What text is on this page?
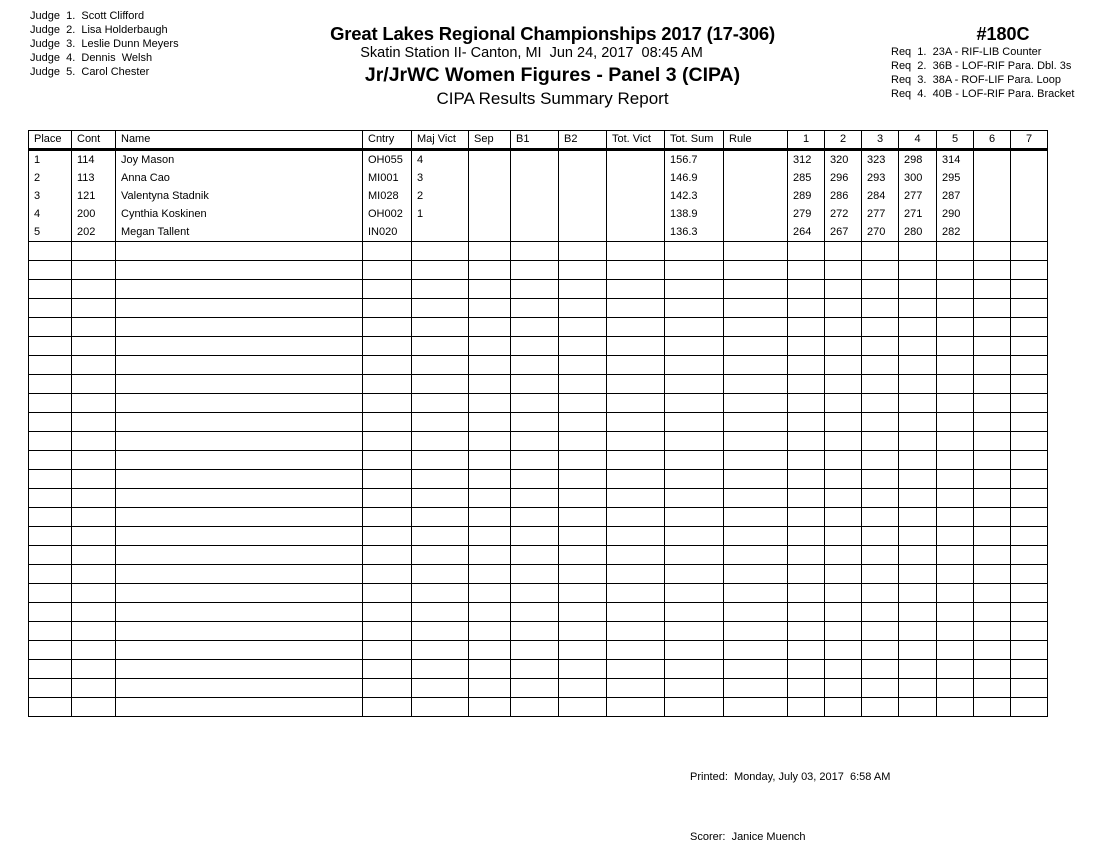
Judge  1.  Scott Clifford
Judge  2.  Lisa Holderbaugh
Judge  3.  Leslie Dunn Meyers
Judge  4.  Dennis  Welsh
Judge  5.  Carol Chester
Great Lakes Regional Championships 2017 (17-306)
Skatin Station II- Canton, MI  Jun 24, 2017  08:45 AM
Jr/JrWC Women Figures - Panel 3 (CIPA)
CIPA Results Summary Report
#180C
Req  1.  23A - RIF-LIB Counter
Req  2.  36B - LOF-RIF Para. Dbl. 3s
Req  3.  38A - ROF-LIF Para. Loop
Req  4.  40B - LOF-RIF Para. Bracket
Place	Cont	Name	Cntry	Maj Vict	Sep	B1	B2	Tot. Vict	Tot. Sum	Rule	1	2	3	4	5	6	7
1	114	Joy Mason	OH055	4					156.7		312	320	323	298	314		
2	113	Anna Cao	MI001	3					146.9		285	296	293	300	295		
3	121	Valentyna Stadnik	MI028	2					142.3		289	286	284	277	287		
4	200	Cynthia Koskinen	OH002	1					138.9		279	272	277	271	290		
5	202	Megan Tallent	IN020						136.3		264	267	270	280	282		

Printed:  Monday, July 03, 2017  6:58 AM

Scorer:  Janice Muench
